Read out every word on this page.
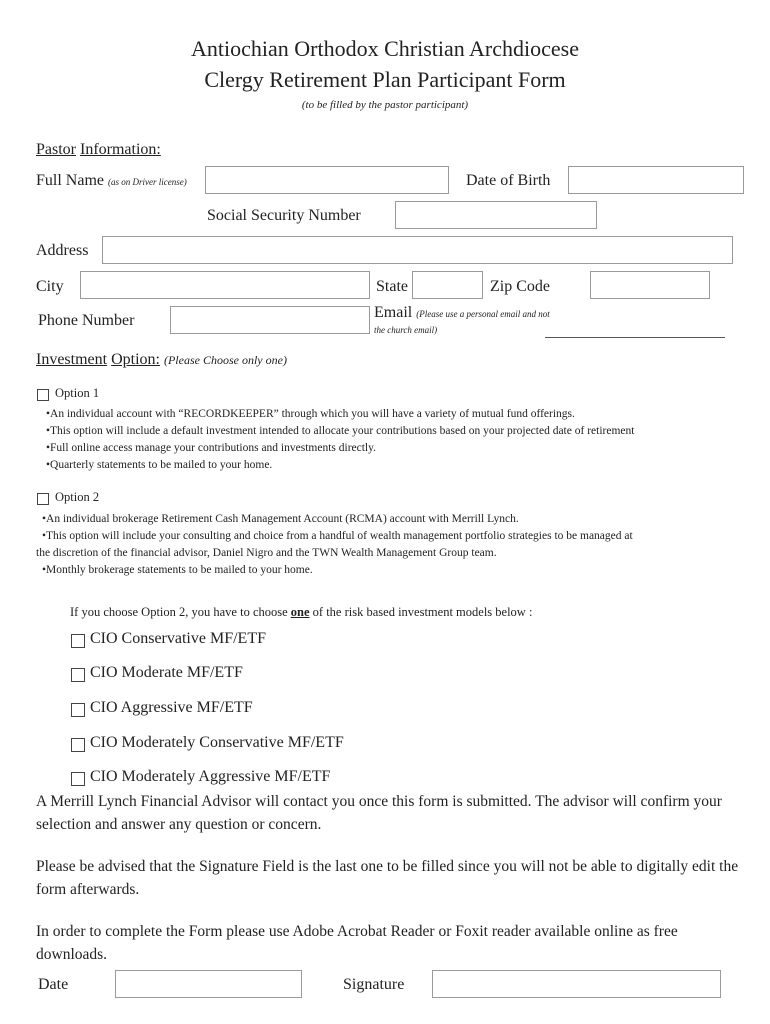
Antiochian Orthodox Christian Archdiocese
Clergy Retirement Plan Participant Form
(to be filled by the pastor participant)
Pastor Information:
Full Name (as on Driver license)	Date of Birth
Social Security Number
Address
City	State	Zip Code
Phone Number	Email (Please use a personal email and not
the church email)
Investment Option: (Please Choose only one)
Option 1
•An individual account with “RECORDKEEPER” through which you will have a variety of mutual fund offerings.
•This option will include a default investment intended to allocate your contributions based on your projected date of retirement
•Full online access manage your contributions and investments directly.
•Quarterly statements to be mailed to your home.
Option 2
•An individual brokerage Retirement Cash Management Account (RCMA) account with Merrill Lynch.
•This option will include your consulting and choice from a handful of wealth management portfolio strategies to be managed at
the discretion of the financial advisor, Daniel Nigro and the TWN Wealth Management Group team.
•Monthly brokerage statements to be mailed to your home.
If you choose Option 2, you have to choose one of the risk based investment models below :
CIO Conservative MF/ETF
CIO Moderate MF/ETF
CIO Aggressive MF/ETF
CIO Moderately Conservative MF/ETF
CIO Moderately Aggressive MF/ETF
A Merrill Lynch Financial Advisor will contact you once this form is submitted. The advisor will confirm your selection and answer any question or concern.
Please be advised that the Signature Field is the last one to be filled since you will not be able to digitally edit the form afterwards.
In order to complete the Form please use Adobe Acrobat Reader or Foxit reader available online as free downloads.
Date	Signature
